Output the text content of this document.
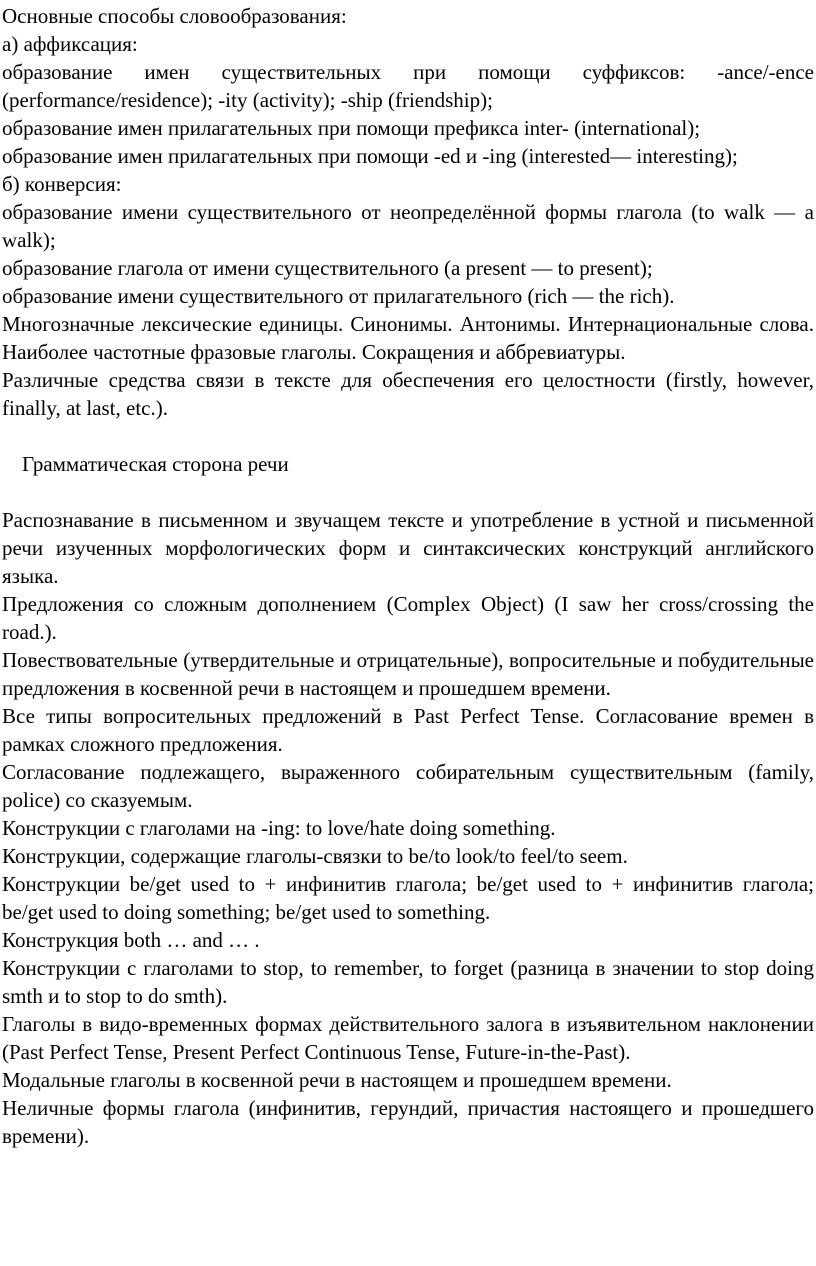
Основные способы словообразования:

а) аффиксация:

образование имен существительных при помощи суффиксов: -ance/-ence (performance/residence); -ity (activity); -ship (friendship);

образование имен прилагательных при помощи префикса inter- (international);

образование имен прилагательных при помощи -ed и -ing (interested— interesting);

б) конверсия:

образование имени существительного от неопределённой формы глагола (to walk — a walk);

образование глагола от имени существительного (a present — to present);

образование имени существительного от прилагательного (rich — the rich).

Многозначные лексические единицы. Синонимы. Антонимы. Интернациональные слова. Наиболее частотные фразовые глаголы. Сокращения и аббревиатуры.

Различные средства связи в тексте для обеспечения его целостности (firstly, however, finally, at last, etc.).

Грамматическая сторона речи

Распознавание в письменном и звучащем тексте и употребление в устной и письменной речи изученных морфологических форм и синтаксических конструкций английского языка.

Предложения со сложным дополнением (Complex Object) (I saw her cross/crossing the road.).

Повествовательные (утвердительные и отрицательные), вопросительные и побудительные предложения в косвенной речи в настоящем и прошедшем времени.

Все типы вопросительных предложений в Past Perfect Tense. Согласование времен в рамках сложного предложения.

Согласование подлежащего, выраженного собирательным существительным (family, police) со сказуемым.

Конструкции с глаголами на -ing: to love/hate doing something.

Конструкции, содержащие глаголы-связки to be/to look/to feel/to seem.

Конструкции be/get used to + инфинитив глагола; be/get used to + инфинитив глагола; be/get used to doing something; be/get used to something.

Конструкция both … and … .

Конструкции с глаголами to stop, to remember, to forget (разница в значении to stop doing smth и to stop to do smth).

Глаголы в видо-временных формах действительного залога в изъявительном наклонении (Past Perfect Tense, Present Perfect Continuous Tense, Future-in-the-Past).

Модальные глаголы в косвенной речи в настоящем и прошедшем времени.

Неличные формы глагола (инфинитив, герундий, причастия настоящего и прошедшего времени).
